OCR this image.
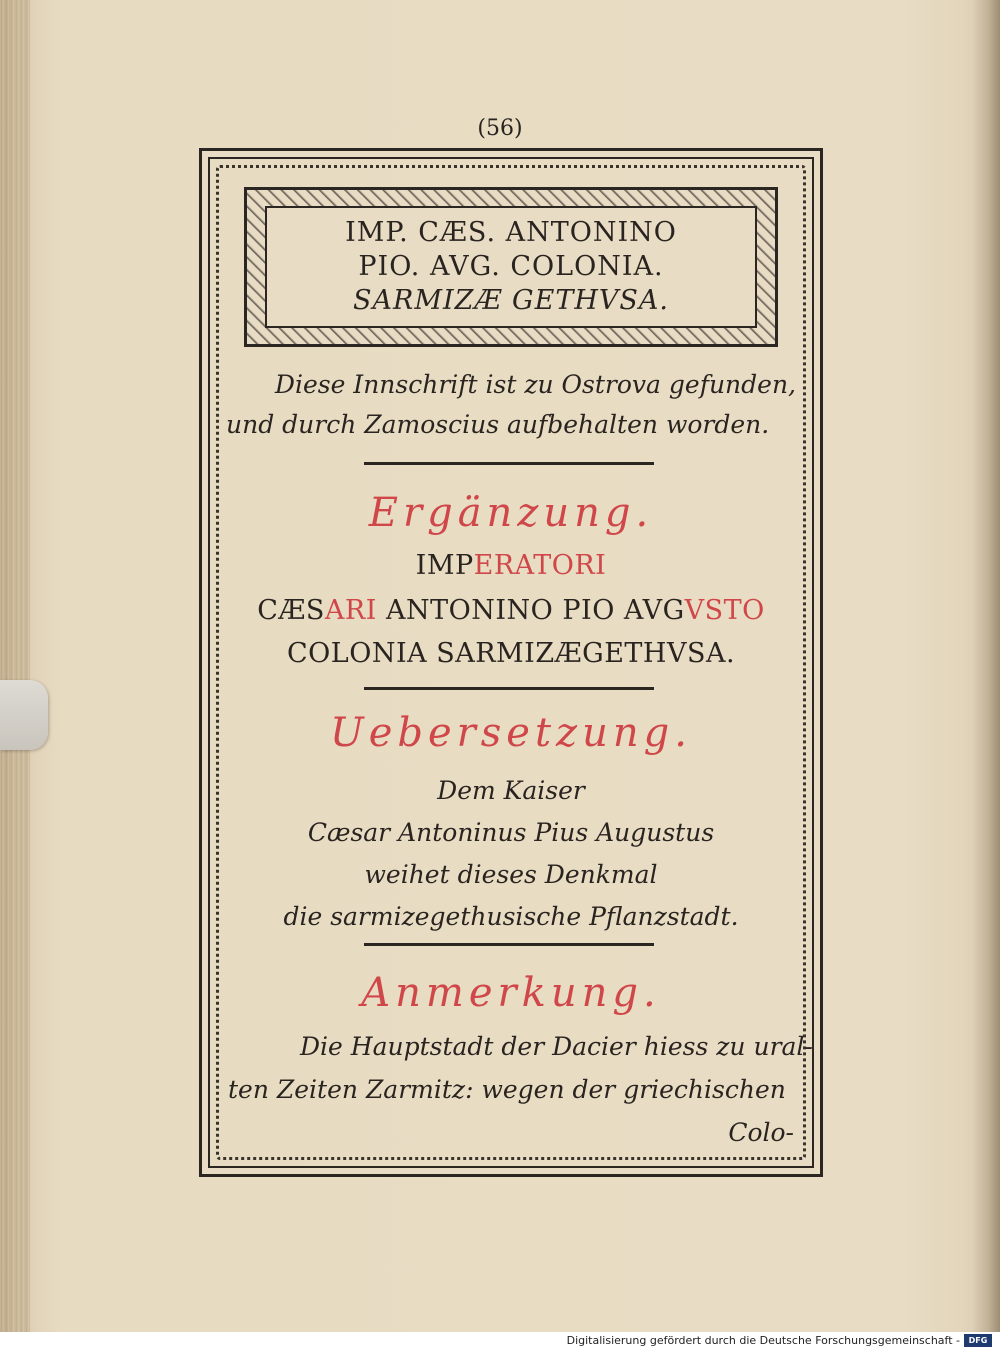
(56)
IMP. CÆS. ANTONINO
PIO. AVG. COLONIA.
SARMIZÆ GETHVSA.
Diese Innschrift ist zu Ostrova gefunden,
und durch Zamoscius aufbehalten worden.
Ergänzung.
IMPERATORI
CÆSARI ANTONINO PIO AVGVSTO
COLONIA SARMIZÆGETHVSA.
Uebersetzung.
Dem Kaiser
Cæsar Antoninus Pius Augustus
weihet dieses Denkmal
die sarmizegethusische Pflanzstadt.
Anmerkung.
Die Hauptstadt der Dacier hiess zu ural-
ten Zeiten Zarmitz: wegen der griechischen
Colo-
Digitalisierung gefördert durch die Deutsche Forschungsgemeinschaft -	DFG
